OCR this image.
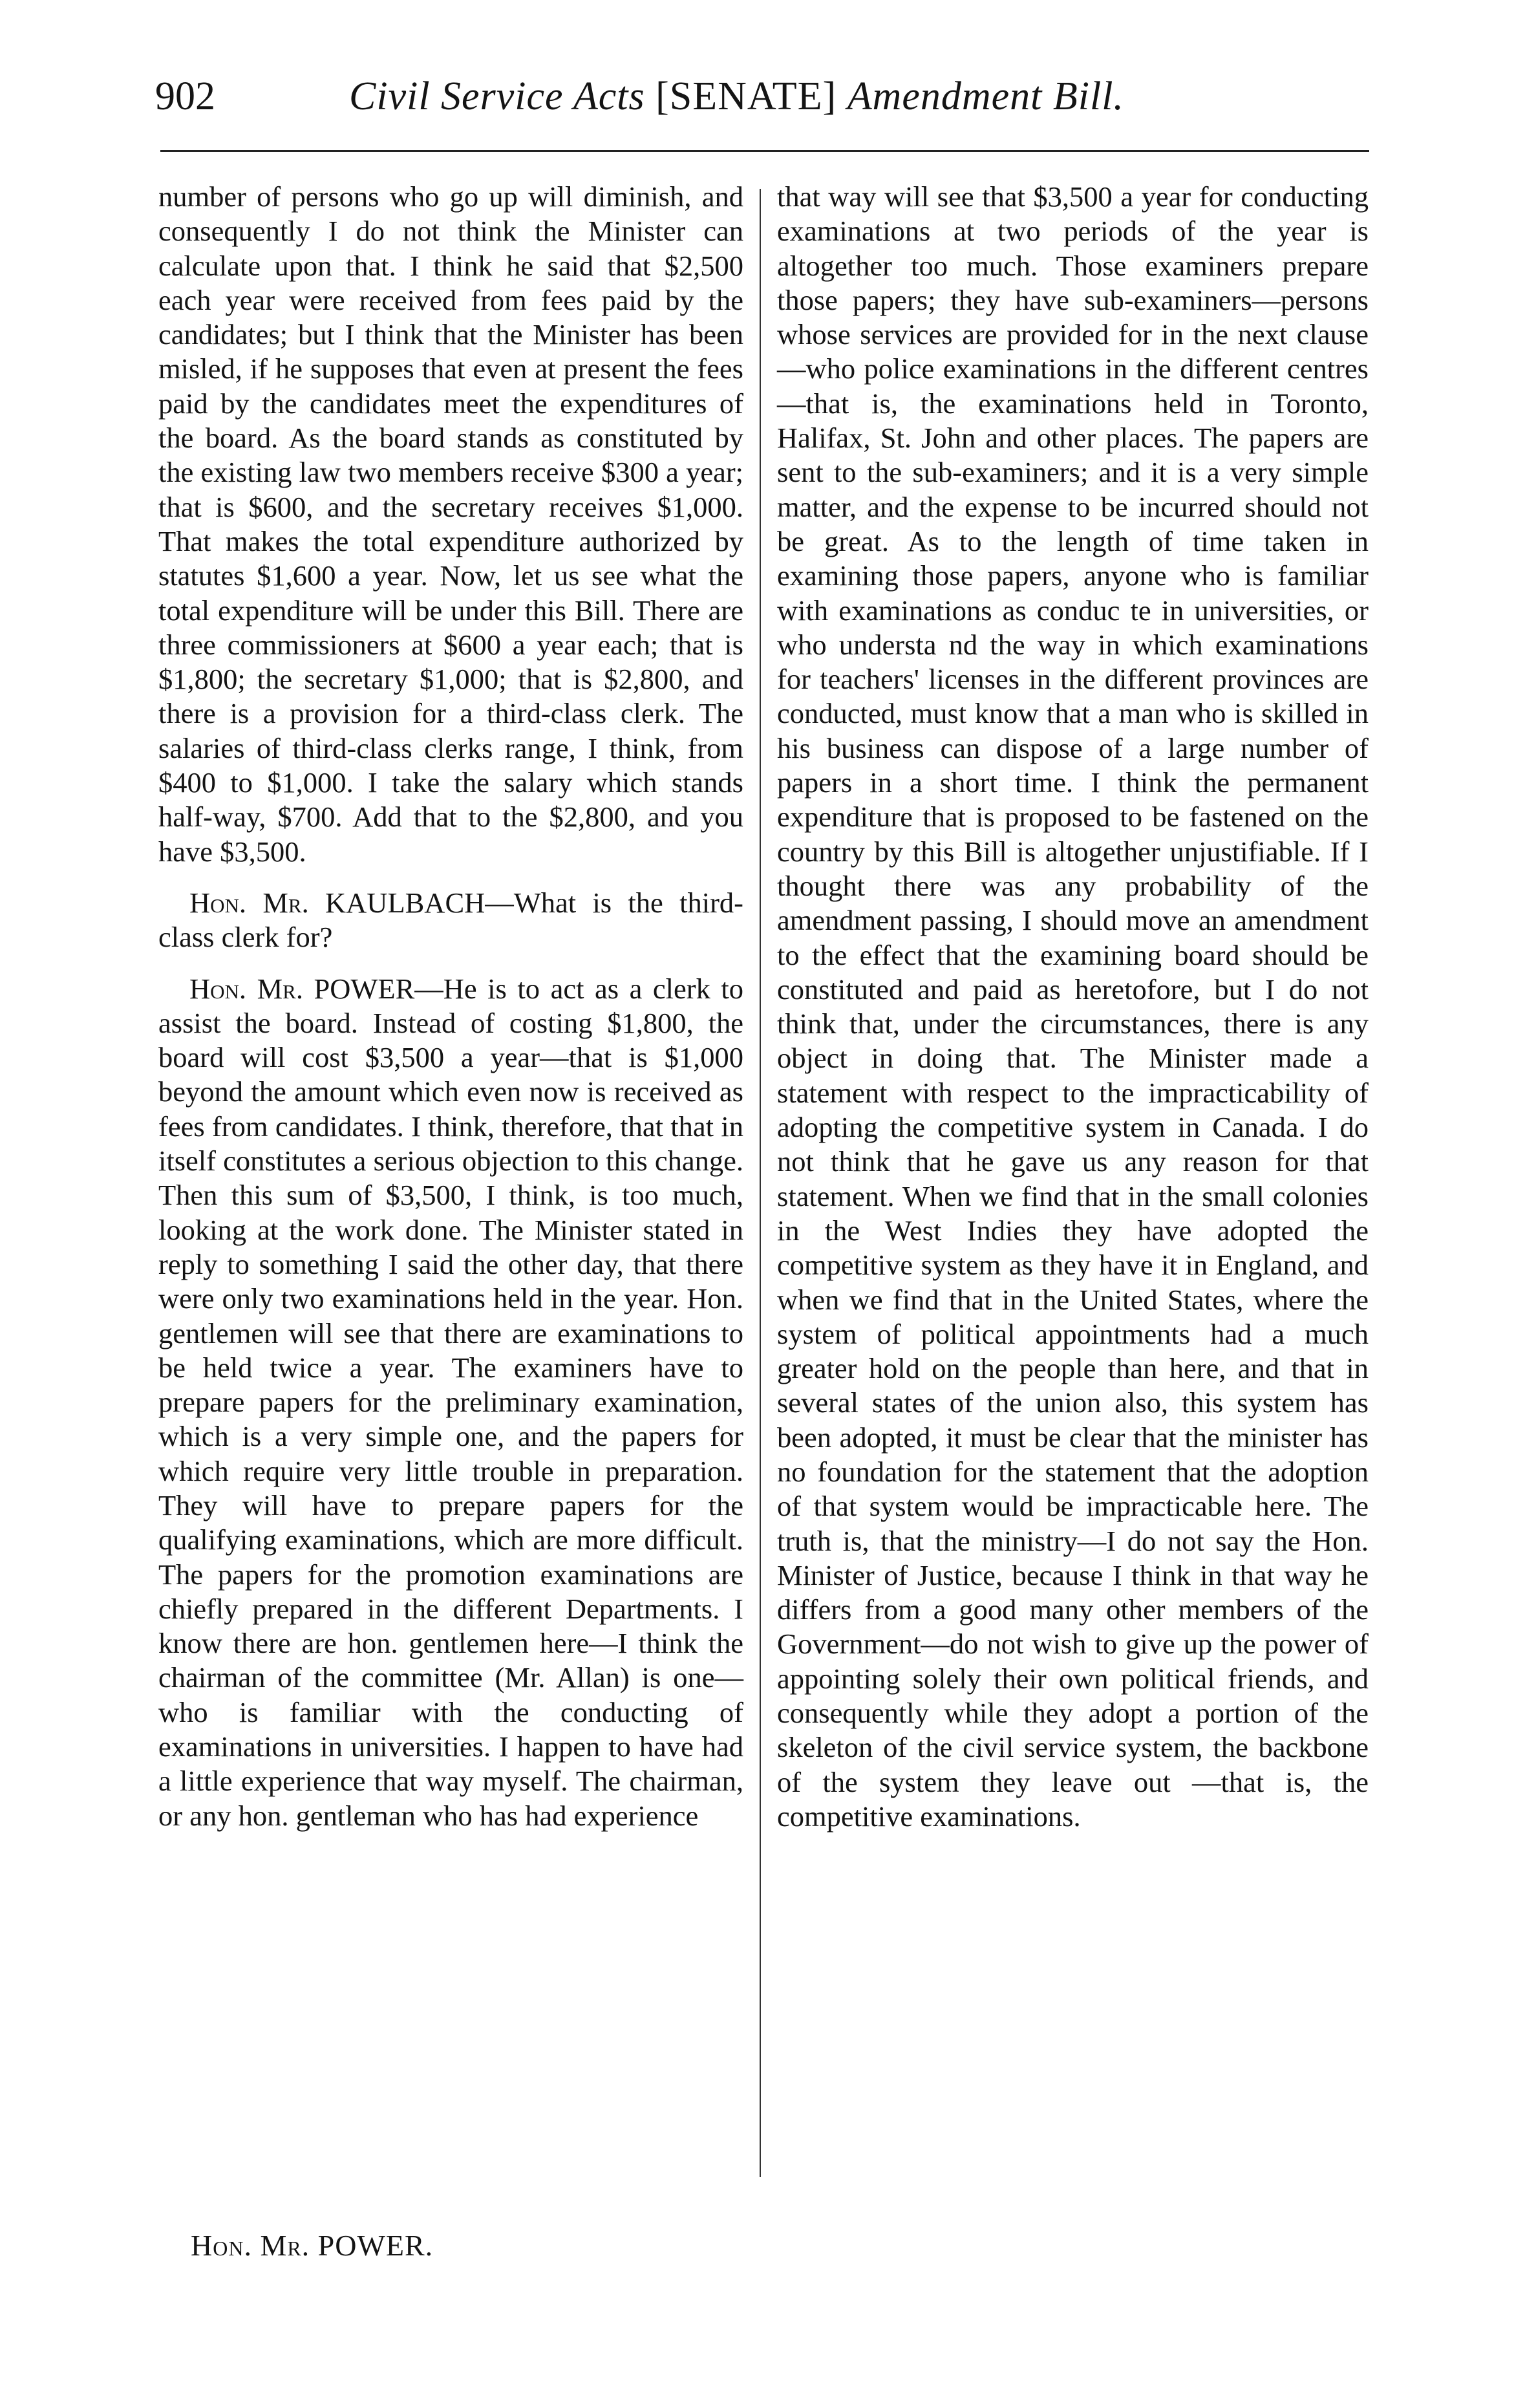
902	Civil Service Acts [SENATE] Amendment Bill.

number of persons who go up will diminish, and consequently I do not think the Minister can calculate upon that. I think he said that $2,500 each year were received from fees paid by the candidates; but I think that the Minister has been misled, if he supposes that even at present the fees paid by the candidates meet the expenditures of the board. As the board stands as constituted by the existing law two members receive $300 a year; that is $600, and the secretary receives $1,000. That makes the total expenditure authorized by statutes $1,600 a year. Now, let us see what the total expenditure will be under this Bill. There are three commissioners at $600 a year each; that is $1,800; the secretary $1,000; that is $2,800, and there is a provision for a third-class clerk. The salaries of third-class clerks range, I think, from $400 to $1,000. I take the salary which stands half-way, $700. Add that to the $2,800, and you have $3,500.

Hon. Mr. KAULBACH—What is the third-class clerk for?

Hon. Mr. POWER—He is to act as a clerk to assist the board. Instead of costing $1,800, the board will cost $3,500 a year—that is $1,000 beyond the amount which even now is received as fees from candidates. I think, therefore, that that in itself constitutes a serious objection to this change. Then this sum of $3,500, I think, is too much, looking at the work done. The Minister stated in reply to something I said the other day, that there were only two examinations held in the year. Hon. gentlemen will see that there are examinations to be held twice a year. The examiners have to prepare papers for the preliminary examination, which is a very simple one, and the papers for which require very little trouble in preparation. They will have to prepare papers for the qualifying examinations, which are more difficult. The papers for the promotion examinations are chiefly prepared in the different Departments. I know there are hon. gentlemen here—I think the chairman of the committee (Mr. Allan) is one—who is familiar with the conducting of examinations in universities. I happen to have had a little experience that way myself. The chairman, or any hon. gentleman who has had experience

that way will see that $3,500 a year for conducting examinations at two periods of the year is altogether too much. Those examiners prepare those papers; they have sub-examiners—persons whose services are provided for in the next clause—who police examinations in the different centres—that is, the examinations held in Toronto, Halifax, St. John and other places. The papers are sent to the sub-examiners; and it is a very simple matter, and the expense to be incurred should not be great. As to the length of time taken in examining those papers, anyone who is familiar with examinations as conduc te in universities, or who understa nd the way in which examinations for teachers' licenses in the different provinces are conducted, must know that a man who is skilled in his business can dispose of a large number of papers in a short time. I think the permanent expenditure that is proposed to be fastened on the country by this Bill is altogether unjustifiable. If I thought there was any probability of the amendment passing, I should move an amendment to the effect that the examining board should be constituted and paid as heretofore, but I do not think that, under the circumstances, there is any object in doing that. The Minister made a statement with respect to the impracticability of adopting the competitive system in Canada. I do not think that he gave us any reason for that statement. When we find that in the small colonies in the West Indies they have adopted the competitive system as they have it in England, and when we find that in the United States, where the system of political appointments had a much greater hold on the people than here, and that in several states of the union also, this system has been adopted, it must be clear that the minister has no foundation for the statement that the adoption of that system would be impracticable here. The truth is, that the ministry—I do not say the Hon. Minister of Justice, because I think in that way he differs from a good many other members of the Government—do not wish to give up the power of appointing solely their own political friends, and consequently while they adopt a portion of the skeleton of the civil service system, the backbone of the system they leave out —that is, the competitive examinations.

Hon. Mr. POWER.
